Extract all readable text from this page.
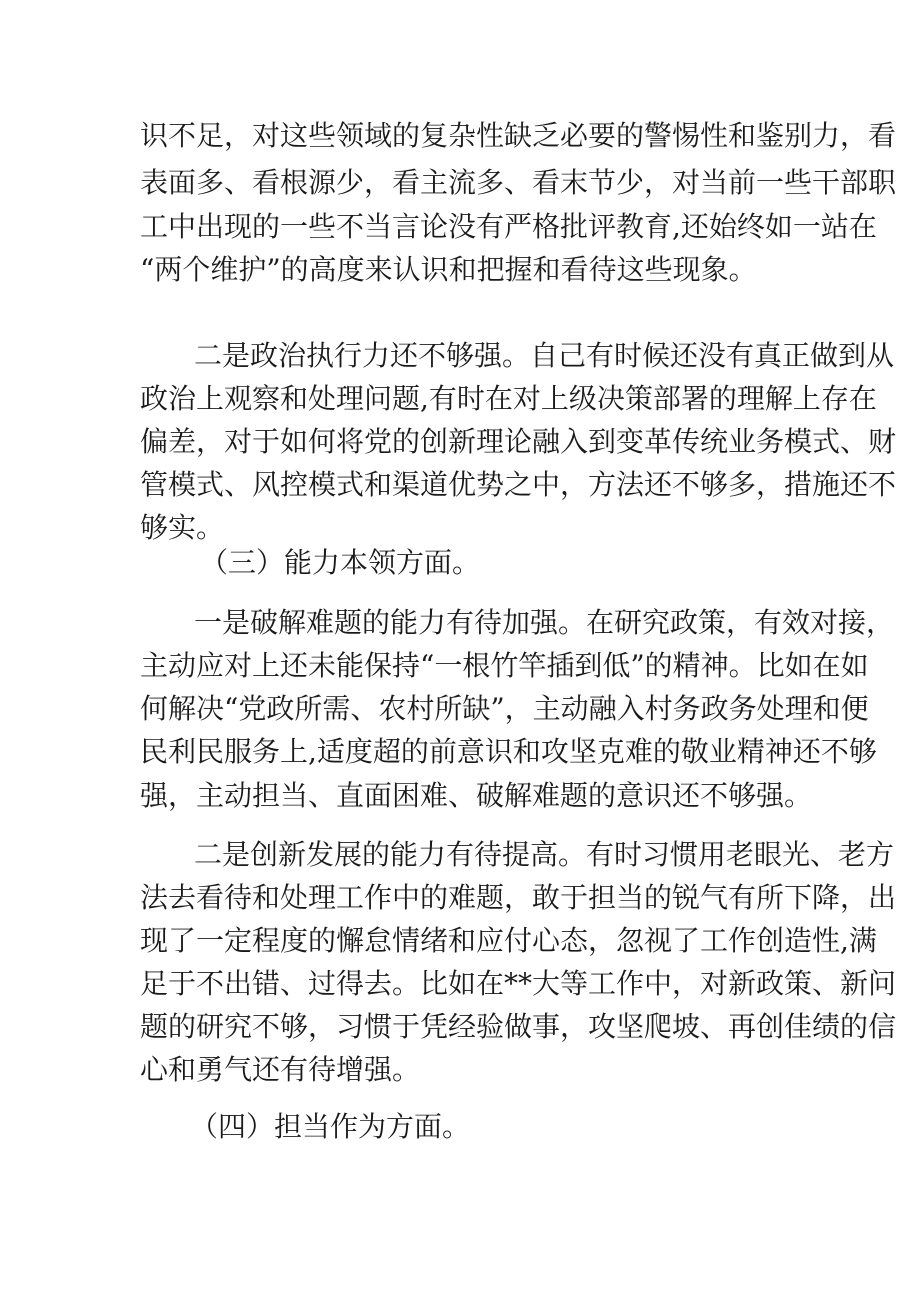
识不足，对这些领域的复杂性缺乏必要的警惕性和鉴别力，看
表面多、看根源少，看主流多、看末节少，对当前一些干部职
工中出现的一些不当言论没有严格批评教育,还始终如一站在
“两个维护”的高度来认识和把握和看待这些现象。
二是政治执行力还不够强。自己有时候还没有真正做到从
政治上观察和处理问题,有时在对上级决策部署的理解上存在
偏差，对于如何将党的创新理论融入到变革传统业务模式、财
管模式、风控模式和渠道优势之中，方法还不够多，措施还不
够实。
（三）能力本领方面。
一是破解难题的能力有待加强。在研究政策，有效对接，
主动应对上还未能保持“一根竹竿插到低”的精神。比如在如
何解决“党政所需、农村所缺”，主动融入村务政务处理和便
民利民服务上,适度超的前意识和攻坚克难的敬业精神还不够
强，主动担当、直面困难、破解难题的意识还不够强。
二是创新发展的能力有待提高。有时习惯用老眼光、老方
法去看待和处理工作中的难题，敢于担当的锐气有所下降，出
现了一定程度的懈怠情绪和应付心态，忽视了工作创造性,满
足于不出错、过得去。比如在**大等工作中，对新政策、新问
题的研究不够，习惯于凭经验做事，攻坚爬坡、再创佳绩的信
心和勇气还有待增强。
（四）担当作为方面。
